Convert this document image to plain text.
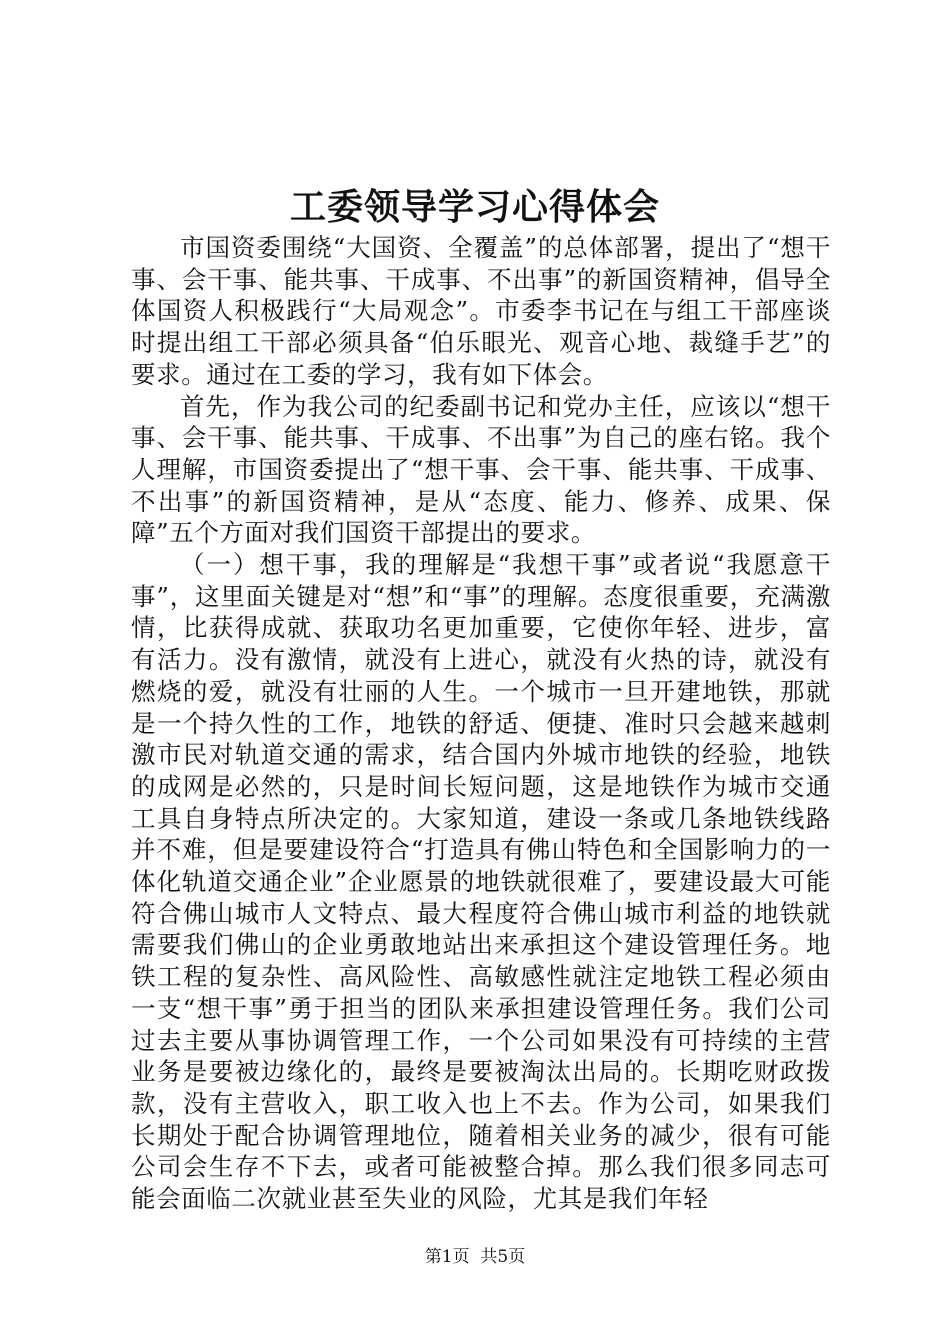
工委领导学习心得体会

市国资委围绕“大国资、全覆盖”的总体部署，提出了“想干事、会干事、能共事、干成事、不出事”的新国资精神，倡导全体国资人积极践行“大局观念”。市委李书记在与组工干部座谈时提出组工干部必须具备“伯乐眼光、观音心地、裁缝手艺”的要求。通过在工委的学习，我有如下体会。

首先，作为我公司的纪委副书记和党办主任，应该以“想干事、会干事、能共事、干成事、不出事”为自己的座右铭。我个人理解，市国资委提出了“想干事、会干事、能共事、干成事、不出事”的新国资精神，是从“态度、能力、修养、成果、保障”五个方面对我们国资干部提出的要求。

（一）想干事，我的理解是“我想干事”或者说“我愿意干事”，这里面关键是对“想”和“事”的理解。态度很重要，充满激情，比获得成就、获取功名更加重要，它使你年轻、进步，富有活力。没有激情，就没有上进心，就没有火热的诗，就没有燃烧的爱，就没有壮丽的人生。一个城市一旦开建地铁，那就是一个持久性的工作，地铁的舒适、便捷、准时只会越来越刺激市民对轨道交通的需求，结合国内外城市地铁的经验，地铁的成网是必然的，只是时间长短问题，这是地铁作为城市交通工具自身特点所决定的。大家知道，建设一条或几条地铁线路并不难，但是要建设符合“打造具有佛山特色和全国影响力的一体化轨道交通企业”企业愿景的地铁就很难了，要建设最大可能符合佛山城市人文特点、最大程度符合佛山城市利益的地铁就需要我们佛山的企业勇敢地站出来承担这个建设管理任务。地铁工程的复杂性、高风险性、高敏感性就注定地铁工程必须由一支“想干事”勇于担当的团队来承担建设管理任务。我们公司过去主要从事协调管理工作，一个公司如果没有可持续的主营业务是要被边缘化的，最终是要被淘汰出局的。长期吃财政拨款，没有主营收入，职工收入也上不去。作为公司，如果我们长期处于配合协调管理地位，随着相关业务的减少，很有可能公司会生存不下去，或者可能被整合掉。那么我们很多同志可能会面临二次就业甚至失业的风险，尤其是我们年轻

第1页 共5页
